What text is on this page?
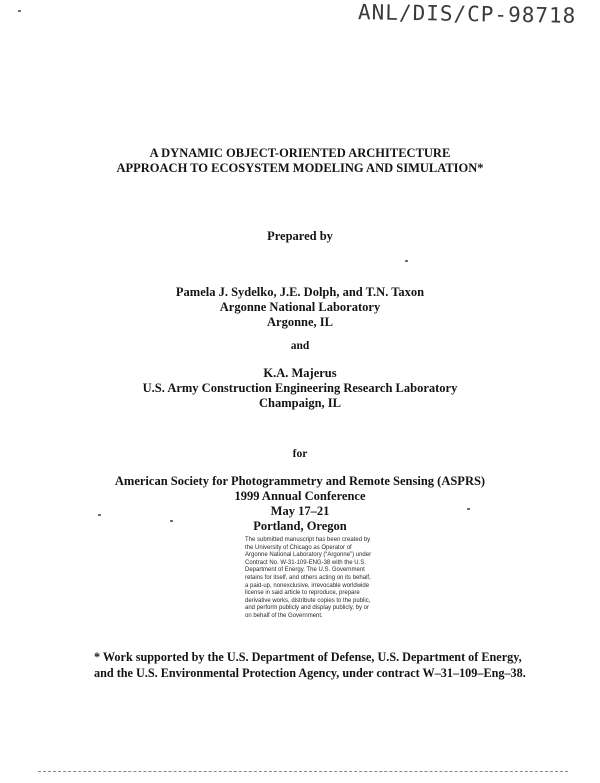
ANL/DIS/CP-98718
A DYNAMIC OBJECT-ORIENTED ARCHITECTURE
APPROACH TO ECOSYSTEM MODELING AND SIMULATION*
Prepared by
Pamela J. Sydelko, J.E. Dolph, and T.N. Taxon
Argonne National Laboratory
Argonne, IL
and
K.A. Majerus
U.S. Army Construction Engineering Research Laboratory
Champaign, IL
for
American Society for Photogrammetry and Remote Sensing (ASPRS)
1999 Annual Conference
May 17–21
Portland, Oregon
The submitted manuscript has been created by the University of Chicago as Operator of Argonne National Laboratory (“Argonne”) under Contract No. W-31-109-ENG-38 with the U.S. Department of Energy. The U.S. Government retains for itself, and others acting on its behalf, a paid-up, nonexclusive, irrevocable worldwide license in said article to reproduce, prepare derivative works, distribute copies to the public, and perform publicly and display publicly, by or on behalf of the Government.
* Work supported by the U.S. Department of Defense, U.S. Department of Energy,
and the U.S. Environmental Protection Agency, under contract W–31–109–Eng–38.
